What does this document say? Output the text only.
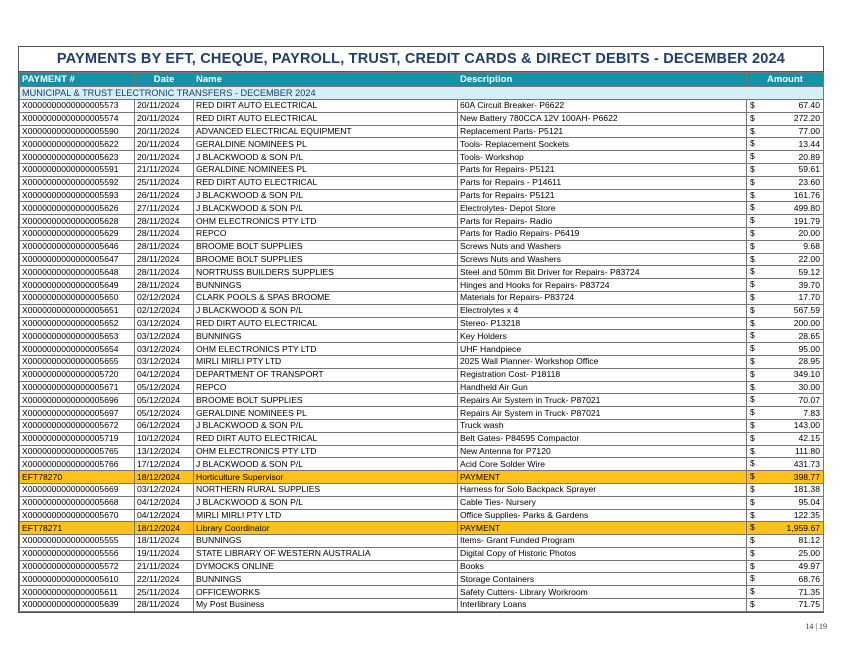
PAYMENTS BY EFT, CHEQUE, PAYROLL, TRUST, CREDIT CARDS & DIRECT DEBITS - DECEMBER 2024
PAYMENT #	Date	Name	Description	Amount
MUNICIPAL & TRUST ELECTRONIC TRANSFERS - DECEMBER 2024				
X0000000000000005573	20/11/2024	RED DIRT AUTO ELECTRICAL	60A Circuit Breaker- P6622	$ 67.40
X0000000000000005574	20/11/2024	RED DIRT AUTO ELECTRICAL	New Battery 780CCA 12V 100AH- P6622	$ 272.20
X0000000000000005590	20/11/2024	ADVANCED ELECTRICAL EQUIPMENT	Replacement Parts- P5121	$ 77.00
X0000000000000005622	20/11/2024	GERALDINE NOMINEES PL	Tools- Replacement Sockets	$ 13.44
X0000000000000005623	20/11/2024	J BLACKWOOD & SON P/L	Tools- Workshop	$ 20.89
X0000000000000005591	21/11/2024	GERALDINE NOMINEES PL	Parts for Repairs- P5121	$ 59.61
X0000000000000005592	25/11/2024	RED DIRT AUTO ELECTRICAL	Parts for Repairs - P14611	$ 23.60
X0000000000000005593	26/11/2024	J BLACKWOOD & SON P/L	Parts for Repairs- P5121	$ 161.76
X0000000000000005626	27/11/2024	J BLACKWOOD & SON P/L	Electrolytes- Depot Store	$ 499.80
X0000000000000005628	28/11/2024	OHM ELECTRONICS PTY LTD	Parts for Repairs- Radio	$ 191.79
X0000000000000005629	28/11/2024	REPCO	Parts for Radio Repairs- P6419	$ 20.00
X0000000000000005646	28/11/2024	BROOME BOLT SUPPLIES	Screws Nuts and Washers	$ 9.68
X0000000000000005647	28/11/2024	BROOME BOLT SUPPLIES	Screws Nuts and Washers	$ 22.00
X0000000000000005648	28/11/2024	NORTRUSS BUILDERS SUPPLIES	Steel and 50mm Bit Driver for Repairs- P83724	$ 59.12
X0000000000000005649	28/11/2024	BUNNINGS	Hinges and Hooks for Repairs- P83724	$ 39.70
X0000000000000005650	02/12/2024	CLARK POOLS & SPAS BROOME	Materials for Repairs- P83724	$ 17.70
X0000000000000005651	02/12/2024	J BLACKWOOD & SON P/L	Electrolytes x 4	$ 567.59
X0000000000000005652	03/12/2024	RED DIRT AUTO ELECTRICAL	Stereo- P13218	$ 200.00
X0000000000000005653	03/12/2024	BUNNINGS	Key Holders	$ 28.65
X0000000000000005654	03/12/2024	OHM ELECTRONICS PTY LTD	UHF Handpiece	$ 95.00
X0000000000000005655	03/12/2024	MIRLI MIRLI PTY LTD	2025 Wall Planner- Workshop Office	$ 28.95
X0000000000000005720	04/12/2024	DEPARTMENT OF TRANSPORT	Registration Cost- P18118	$ 349.10
X0000000000000005671	05/12/2024	REPCO	Handheld Air Gun	$ 30.00
X0000000000000005696	05/12/2024	BROOME BOLT SUPPLIES	Repairs Air System in Truck- P87021	$ 70.07
X0000000000000005697	05/12/2024	GERALDINE NOMINEES PL	Repairs Air System in Truck- P87021	$ 7.83
X0000000000000005672	06/12/2024	J BLACKWOOD & SON P/L	Truck wash	$ 143.00
X0000000000000005719	10/12/2024	RED DIRT AUTO ELECTRICAL	Belt Gates- P84595 Compactor	$ 42.15
X0000000000000005765	13/12/2024	OHM ELECTRONICS PTY LTD	New Antenna for P7120	$ 111.80
X0000000000000005766	17/12/2024	J BLACKWOOD & SON P/L	Acid Core Solder Wire	$ 431.73
EFT78270	18/12/2024	Horticulture Supervisor	PAYMENT	$ 398.77
X0000000000000005669	03/12/2024	NORTHERN RURAL SUPPLIES	Harness for Solo Backpack Sprayer	$ 181.38
X0000000000000005668	04/12/2024	J BLACKWOOD & SON P/L	Cable Ties- Nursery	$ 95.04
X0000000000000005670	04/12/2024	MIRLI MIRLI PTY LTD	Office Supplies- Parks & Gardens	$ 122.35
EFT78271	18/12/2024	Library Coordinator	PAYMENT	$ 1,959.67
X0000000000000005555	18/11/2024	BUNNINGS	Items- Grant Funded Program	$ 81.12
X0000000000000005556	19/11/2024	STATE LIBRARY OF WESTERN AUSTRALIA	Digital Copy of Historic Photos	$ 25.00
X0000000000000005572	21/11/2024	DYMOCKS ONLINE	Books	$ 49.97
X0000000000000005610	22/11/2024	BUNNINGS	Storage Containers	$ 68.76
X0000000000000005611	25/11/2024	OFFICEWORKS	Safety Cutters- Library Workroom	$ 71.35
X0000000000000005639	28/11/2024	My Post Business	Interlibrary Loans	$ 71.75
14 | 19
